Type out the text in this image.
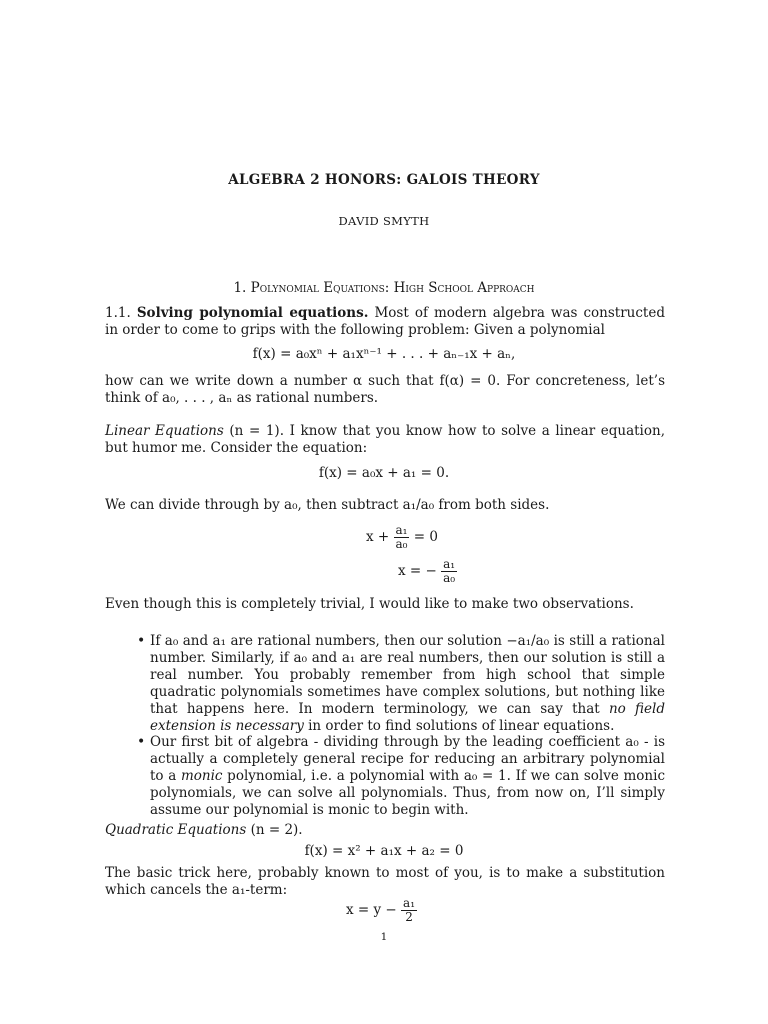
ALGEBRA 2 HONORS: GALOIS THEORY
DAVID SMYTH
1. Polynomial Equations: High School Approach
1.1. Solving polynomial equations. Most of modern algebra was constructed in order to come to grips with the following problem: Given a polynomial
f(x) = a₀xⁿ + a₁xⁿ⁻¹ + . . . + aₙ₋₁x + aₙ,
how can we write down a number α such that f(α) = 0. For concreteness, let’s think of a₀, . . . , aₙ as rational numbers.
Linear Equations (n = 1). I know that you know how to solve a linear equation, but humor me. Consider the equation:
f(x) = a₀x + a₁ = 0.
We can divide through by a₀, then subtract a₁/a₀ from both sides.
$x + \frac{\text{a₁}}{\text{a₀}} = 0$
x = − $\frac{\text{a₁}}{\text{a₀}}$
Even though this is completely trivial, I would like to make two observations.
• If a₀ and a₁ are rational numbers, then our solution −a₁/a₀ is still a rational number. Similarly, if a₀ and a₁ are real numbers, then our solution is still a real number. You probably remember from high school that simple quadratic polynomials sometimes have complex solutions, but nothing like that happens here. In modern terminology, we can say that no field extension is necessary in order to find solutions of linear equations.
• Our first bit of algebra - dividing through by the leading coefficient a₀ - is actually a completely general recipe for reducing an arbitrary polynomial to a monic polynomial, i.e. a polynomial with a₀ = 1. If we can solve monic polynomials, we can solve all polynomials. Thus, from now on, I’ll simply assume our polynomial is monic to begin with.
Quadratic Equations (n = 2).
f(x) = x² + a₁x + a₂ = 0
The basic trick here, probably known to most of you, is to make a substitution which cancels the a₁-term:
$x = y - \frac{\text{a₁}}{2}$
1
